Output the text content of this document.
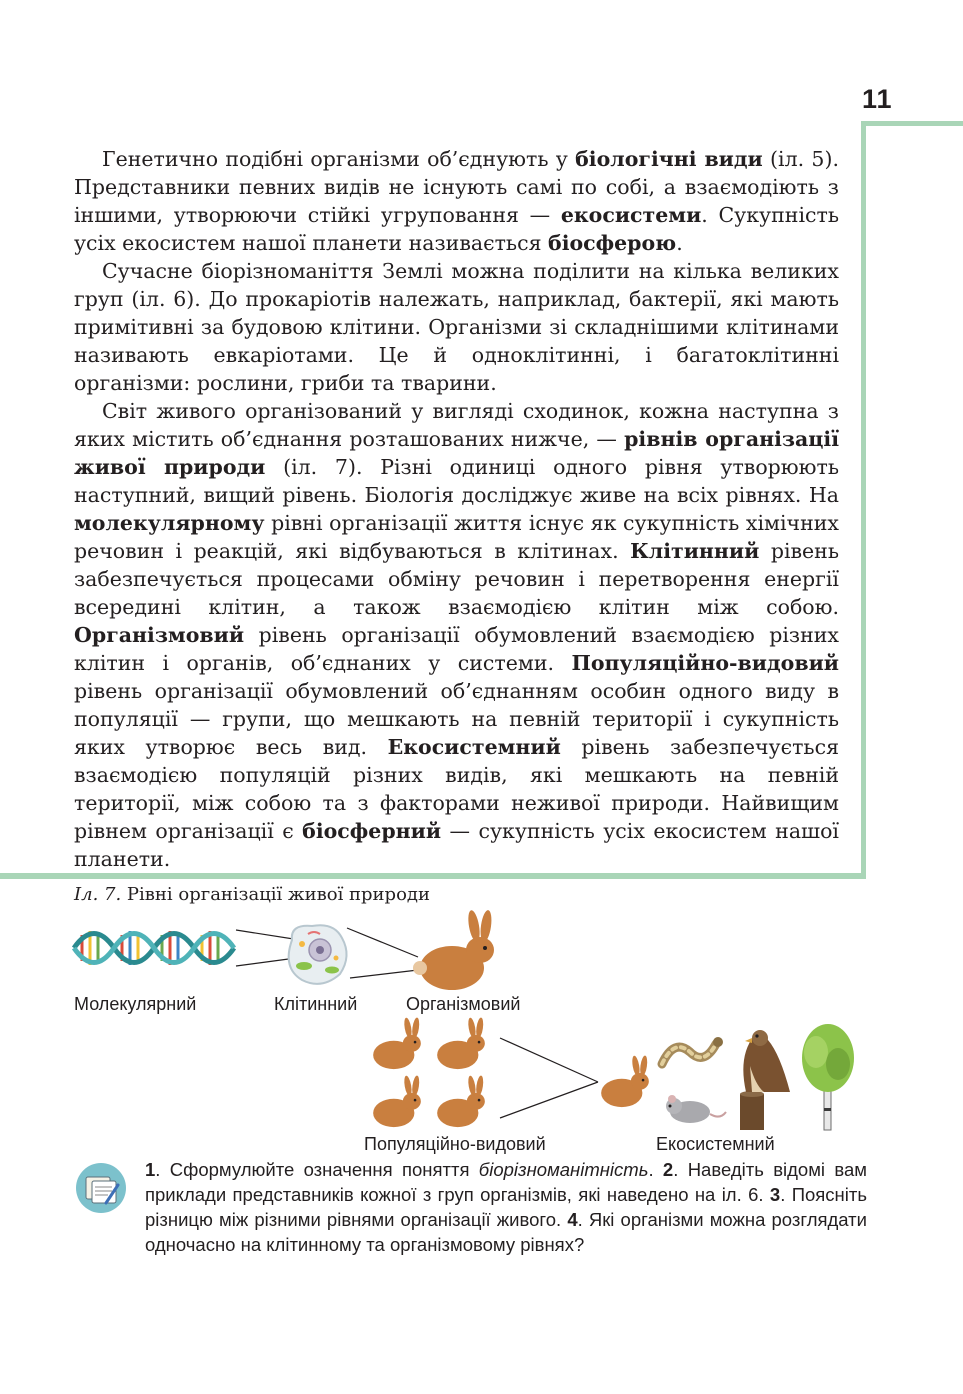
11

Генетично подібні організми об’єднують у біологічні види (іл. 5). Представники певних видів не існують самі по собі, а взаємодіють з іншими, утворюючи стійкі угруповання — екосистеми. Сукупність усіх екосистем нашої планети називається біосферою.

Сучасне біорізноманіття Землі можна поділити на кілька великих груп (іл. 6). До прокаріотів належать, наприклад, бактерії, які мають примітивні за будовою клітини. Організми зі складнішими клітинами називають евкаріотами. Це й одноклітинні, і багатоклітинні організми: рослини, гриби та тварини.

Світ живого організований у вигляді сходинок, кожна наступна з яких містить об’єднання розташованих нижче, — рівнів організації живої природи (іл. 7). Різні одиниці одного рівня утворюють наступний, вищий рівень. Біологія досліджує живе на всіх рівнях. На молекулярному рівні організації життя існує як сукупність хімічних речовин і реакцій, які відбуваються в клітинах. Клітинний рівень забезпечується процесами обміну речовин і перетворення енергії всередині клітин, а також взаємодією клітин між собою. Організмовий рівень організації обумовлений взаємодією різних клітин і органів, об’єднаних у системи. Популяційно-видовий рівень організації обумовлений об’єднанням особин одного виду в популяції — групи, що мешкають на певній території і сукупність яких утворює весь вид. Екосистемний рівень забезпечується взаємодією популяцій різних видів, які мешкають на певній території, між собою та з факторами неживої природи. Найвищим рівнем організації є біосферний — сукупність усіх екосистем нашої планети.

Іл. 7. Рівні організації живої природи
Молекулярний	Клітинний	Організмовий
Популяційно-видовий	Екосистемний
1. Сформулюйте означення поняття біорізноманітність. 2. Наведіть відомі вам приклади представників кожної з груп організмів, які наведено на іл. 6. 3. Поясніть різницю між різними рівнями організації живого. 4. Які організми можна розглядати одночасно на клітинному та організмовому рівнях?
